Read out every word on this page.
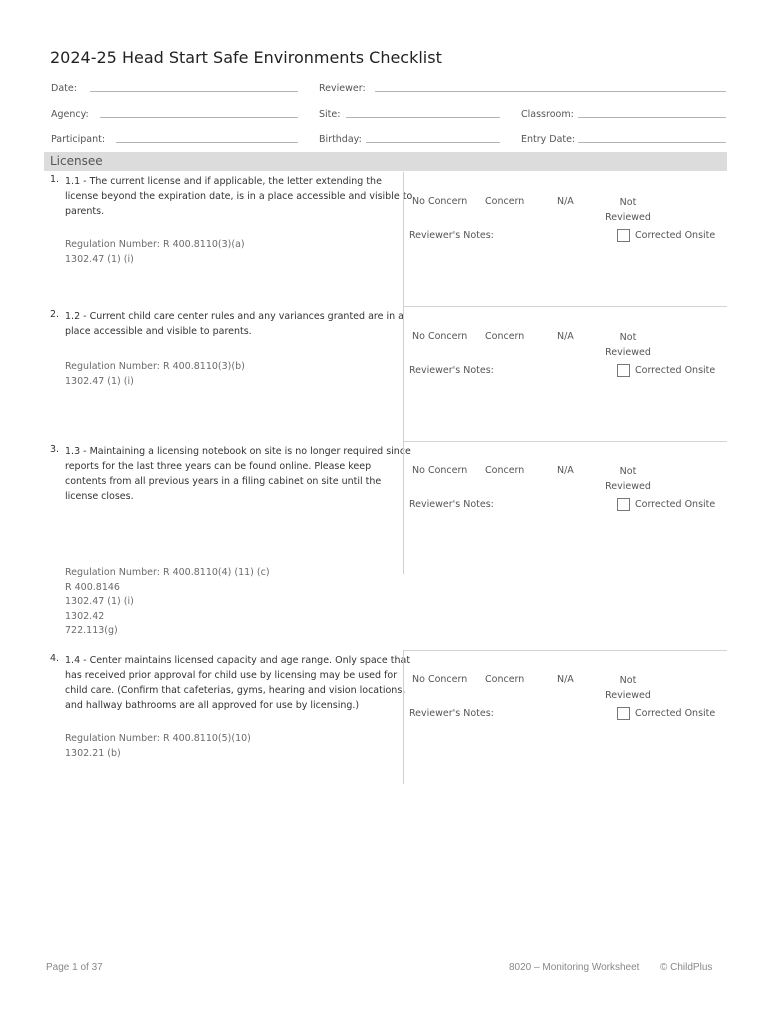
2024-25 Head Start Safe Environments Checklist
Date:	Reviewer:
Agency:	Site:	Classroom:
Participant:	Birthday:	Entry Date:
Licensee
1. 1.1 - The current license and if applicable, the letter extending the
license beyond the expiration date, is in a place accessible and visible to
parents.
Regulation Number: R 400.8110(3)(a)
1302.47 (1) (i)
No Concern Concern	N/A	Not
Reviewed
Reviewer's Notes:	Corrected Onsite
2. 1.2 - Current child care center rules and any variances granted are in a
place accessible and visible to parents.
Regulation Number: R 400.8110(3)(b)
1302.47 (1) (i)
No Concern Concern	N/A	Not
Reviewed
Reviewer's Notes:	Corrected Onsite
3. 1.3 - Maintaining a licensing notebook on site is no longer required since
reports for the last three years can be found online. Please keep
contents from all previous years in a filing cabinet on site until the
license closes.
Regulation Number: R 400.8110(4) (11) (c)
R 400.8146
1302.47 (1) (i)
1302.42
722.113(g)
No Concern Concern	N/A	Not
Reviewed
Reviewer's Notes:	Corrected Onsite
4. 1.4 - Center maintains licensed capacity and age range. Only space that
has received prior approval for child use by licensing may be used for
child care. (Confirm that cafeterias, gyms, hearing and vision locations,
and hallway bathrooms are all approved for use by licensing.)
Regulation Number: R 400.8110(5)(10)
1302.21 (b)
No Concern Concern	N/A	Not
Reviewed
Reviewer's Notes:	Corrected Onsite
Page 1 of 37	8020 – Monitoring Worksheet © ChildPlus
